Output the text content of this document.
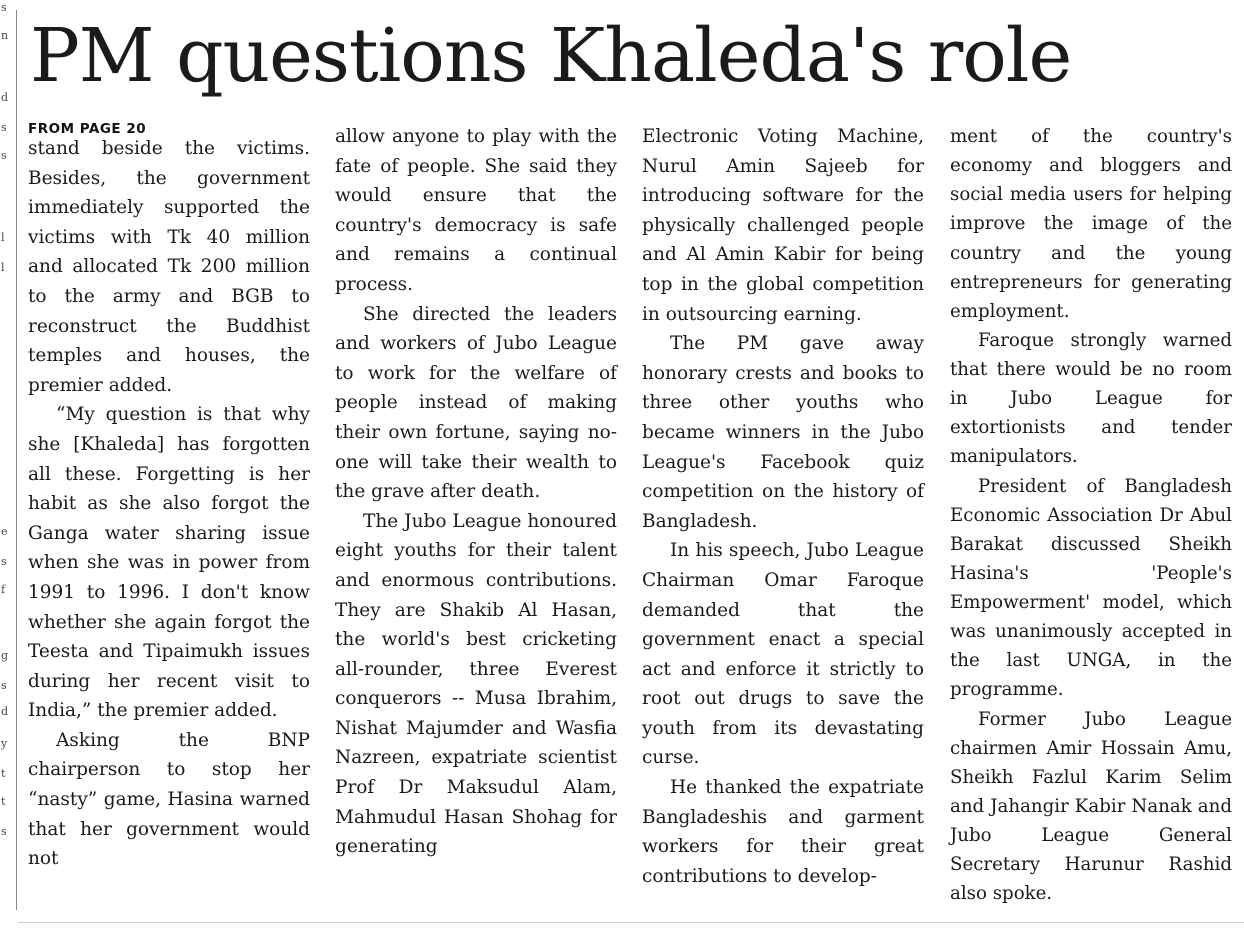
s
n
d
s
s
l
l
e
s
f
g
s
d
y
t
t
s
PM questions Khaleda's role
FROM PAGE 20

stand beside the victims. Besides, the government immediately supported the victims with Tk 40 million and allocated Tk 200 million to the army and BGB to reconstruct the Buddhist temples and houses, the premier added.

“My question is that why she [Khaleda] has forgotten all these. Forgetting is her habit as she also forgot the Ganga water sharing issue when she was in power from 1991 to 1996. I don't know whether she again forgot the Teesta and Tipaimukh issues during her recent visit to India,” the premier added.

Asking the BNP chairperson to stop her “nasty” game, Hasina warned that her government would not

allow anyone to play with the fate of people. She said they would ensure that the country's democracy is safe and remains a continual process.

She directed the leaders and workers of Jubo League to work for the welfare of people instead of making their own fortune, saying no-one will take their wealth to the grave after death.

The Jubo League honoured eight youths for their talent and enormous contributions. They are Shakib Al Hasan, the world's best cricketing all-rounder, three Everest conquerors -- Musa Ibrahim, Nishat Majumder and Wasfia Nazreen, expatriate scientist Prof Dr Maksudul Alam, Mahmudul Hasan Shohag for generating

Electronic Voting Machine, Nurul Amin Sajeeb for introducing software for the physically challenged people and Al Amin Kabir for being top in the global competition in outsourcing earning.

The PM gave away honorary crests and books to three other youths who became winners in the Jubo League's Facebook quiz competition on the history of Bangladesh.

In his speech, Jubo League Chairman Omar Faroque demanded that the government enact a special act and enforce it strictly to root out drugs to save the youth from its devastating curse.

He thanked the expatriate Bangladeshis and garment workers for their great contributions to develop-

ment of the country's economy and bloggers and social media users for helping improve the image of the country and the young entrepreneurs for generating employment.

Faroque strongly warned that there would be no room in Jubo League for extortionists and tender manipulators.

President of Bangladesh Economic Association Dr Abul Barakat discussed Sheikh Hasina's 'People's Empowerment' model, which was unanimously accepted in the last UNGA, in the programme.

Former Jubo League chairmen Amir Hossain Amu, Sheikh Fazlul Karim Selim and Jahangir Kabir Nanak and Jubo League General Secretary Harunur Rashid also spoke.
